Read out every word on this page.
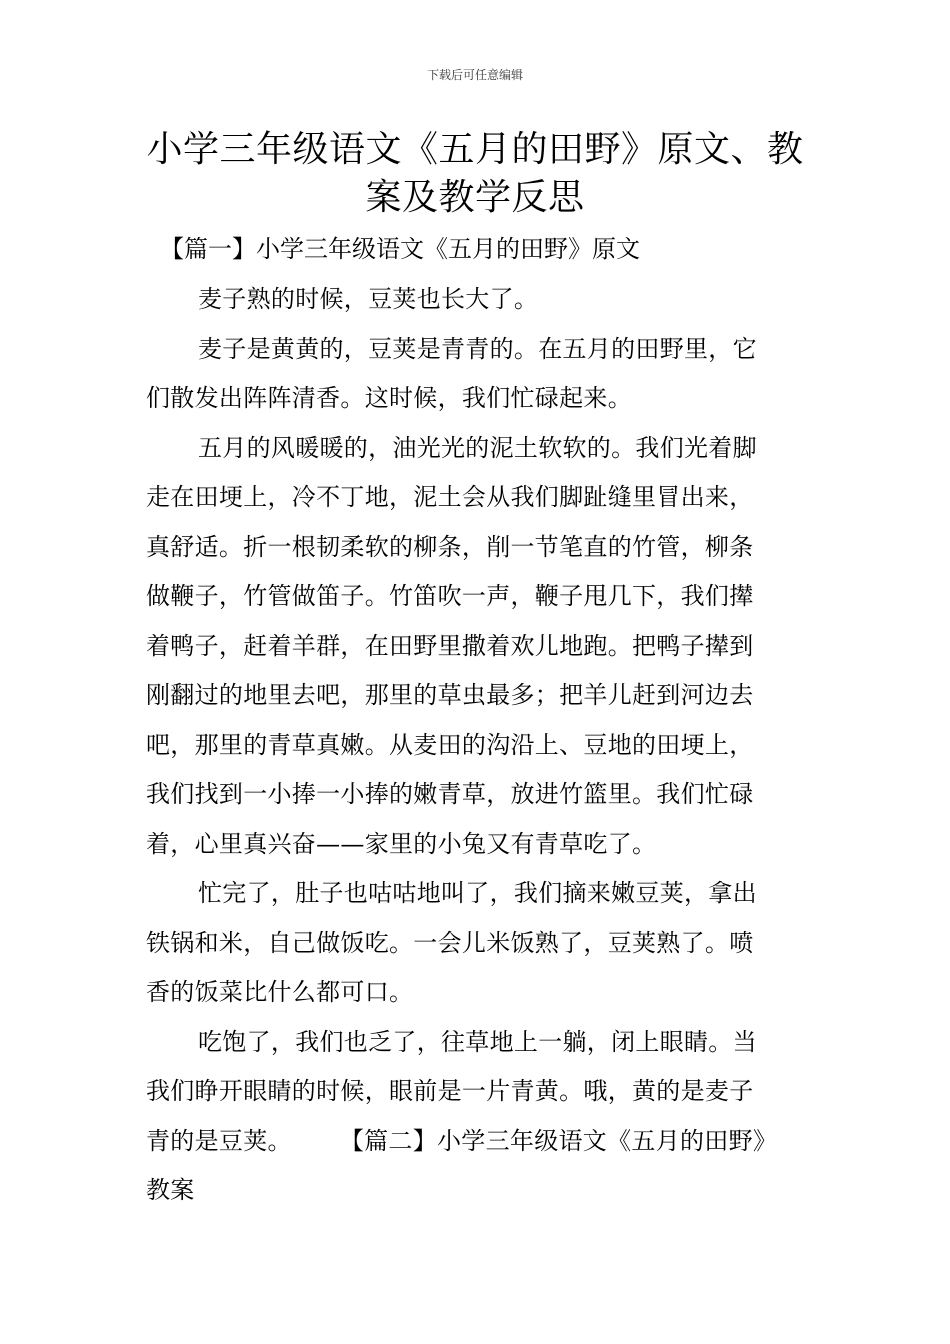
下载后可任意编辑
小学三年级语文《五月的田野》原文、教
案及教学反思
【篇一】小学三年级语文《五月的田野》原文
麦子熟的时候，豆荚也长大了。
麦子是黄黄的，豆荚是青青的。在五月的田野里，它
们散发出阵阵清香。这时候，我们忙碌起来。
五月的风暖暖的，油光光的泥土软软的。我们光着脚
走在田埂上，冷不丁地，泥土会从我们脚趾缝里冒出来，
真舒适。折一根韧柔软的柳条，削一节笔直的竹管，柳条
做鞭子，竹管做笛子。竹笛吹一声，鞭子甩几下，我们撵
着鸭子，赶着羊群，在田野里撒着欢儿地跑。把鸭子撵到
刚翻过的地里去吧，那里的草虫最多；把羊儿赶到河边去
吧，那里的青草真嫩。从麦田的沟沿上、豆地的田埂上，
我们找到一小捧一小捧的嫩青草，放进竹篮里。我们忙碌
着，心里真兴奋——家里的小兔又有青草吃了。
忙完了，肚子也咕咕地叫了，我们摘来嫩豆荚，拿出
铁锅和米，自己做饭吃。一会儿米饭熟了，豆荚熟了。喷
香的饭菜比什么都可口。
吃饱了，我们也乏了，往草地上一躺，闭上眼睛。当
我们睁开眼睛的时候，眼前是一片青黄。哦，黄的是麦子
青的是豆荚。 【篇二】小学三年级语文《五月的田野》
教案
